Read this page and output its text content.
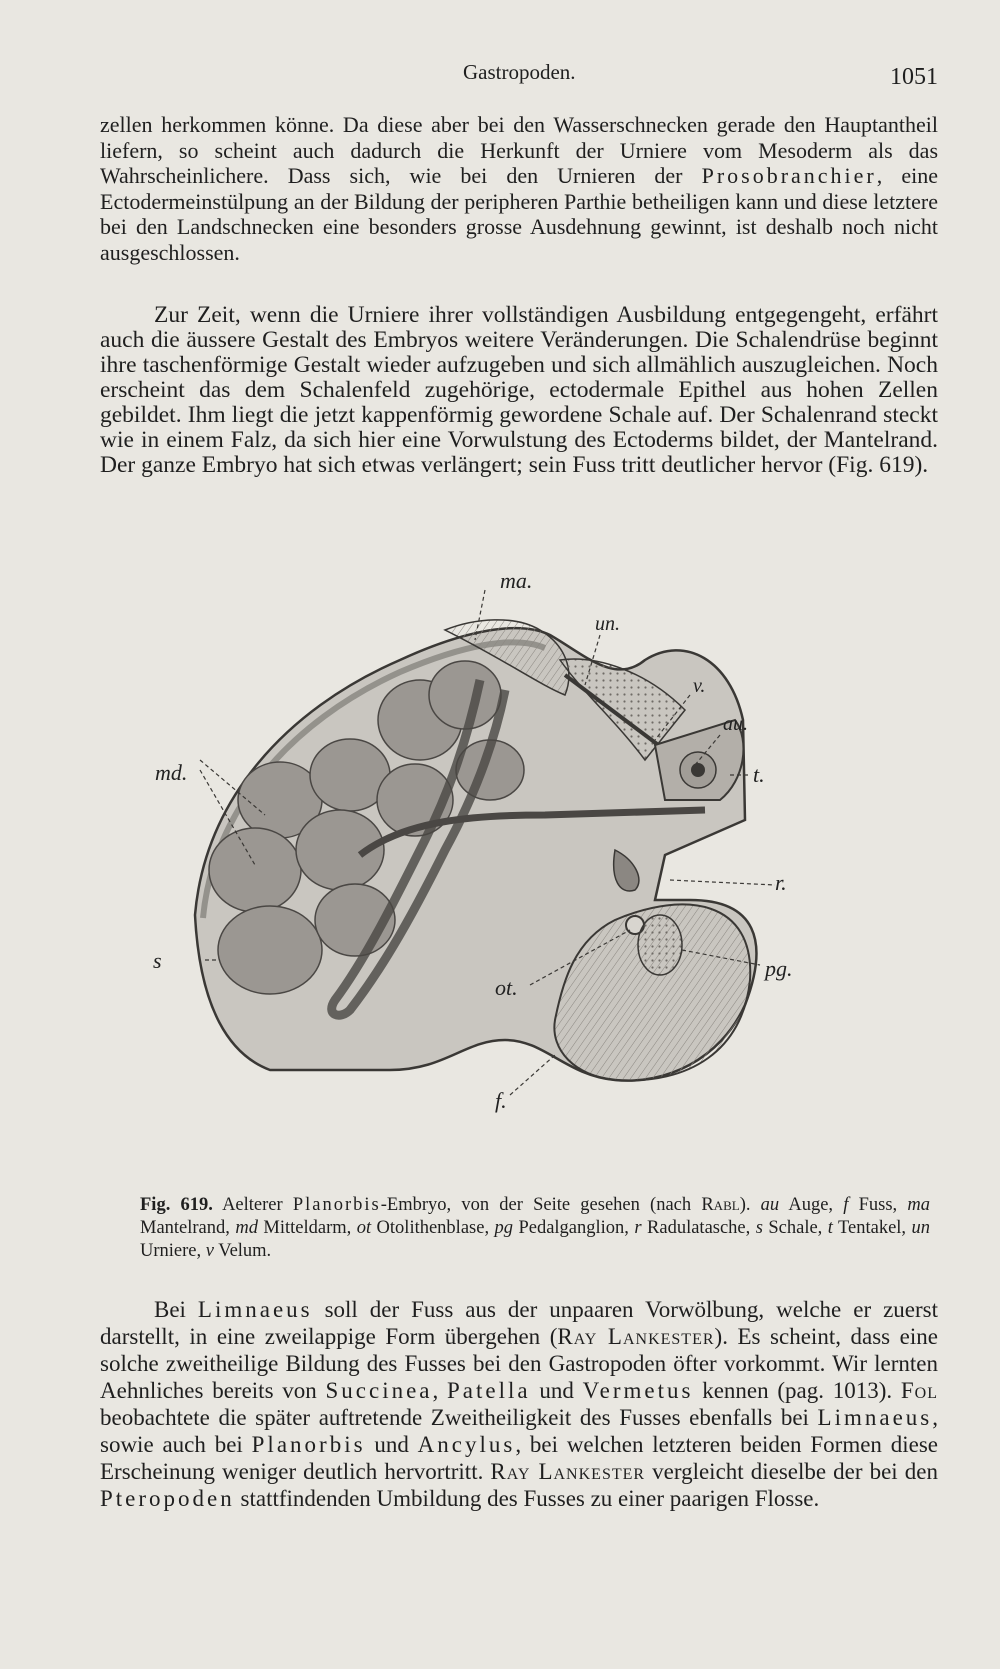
Gastropoden.	1051

zellen herkommen könne. Da diese aber bei den Wasserschnecken gerade den Hauptantheil liefern, so scheint auch dadurch die Herkunft der Urniere vom Mesoderm als das Wahrscheinlichere. Dass sich, wie bei den Urnieren der Prosobranchier, eine Ectodermeinstülpung an der Bildung der peripheren Parthie betheiligen kann und diese letztere bei den Landschnecken eine besonders grosse Ausdehnung gewinnt, ist deshalb noch nicht ausgeschlossen.

Zur Zeit, wenn die Urniere ihrer vollständigen Ausbildung entgegengeht, erfährt auch die äussere Gestalt des Embryos weitere Veränderungen. Die Schalendrüse beginnt ihre taschenförmige Gestalt wieder aufzugeben und sich allmählich auszugleichen. Noch erscheint das dem Schalenfeld zugehörige, ectodermale Epithel aus hohen Zellen gebildet. Ihm liegt die jetzt kappenförmig gewordene Schale auf. Der Schalenrand steckt wie in einem Falz, da sich hier eine Vorwulstung des Ectoderms bildet, der Mantelrand. Der ganze Embryo hat sich etwas verlängert; sein Fuss tritt deutlicher hervor (Fig. 619).

ma.
un.
v.
au.
t.
md.
r.
s	pg.
ot.
f.

Fig. 619. Aelterer Planorbis-Embryo, von der Seite gesehen (nach Rabl). au Auge, f Fuss, ma Mantelrand, md Mitteldarm, ot Otolithenblase, pg Pedalganglion, r Radulatasche, s Schale, t Tentakel, un Urniere, v Velum.

Bei Limnaeus soll der Fuss aus der unpaaren Vorwölbung, welche er zuerst darstellt, in eine zweilappige Form übergehen (Ray Lankester). Es scheint, dass eine solche zweitheilige Bildung des Fusses bei den Gastropoden öfter vorkommt. Wir lernten Aehnliches bereits von Succinea, Patella und Vermetus kennen (pag. 1013). Fol beobachtete die später auftretende Zweitheiligkeit des Fusses ebenfalls bei Limnaeus, sowie auch bei Planorbis und Ancylus, bei welchen letzteren beiden Formen diese Erscheinung weniger deutlich hervortritt. Ray Lankester vergleicht dieselbe der bei den Pteropoden stattfindenden Umbildung des Fusses zu einer paarigen Flosse.
